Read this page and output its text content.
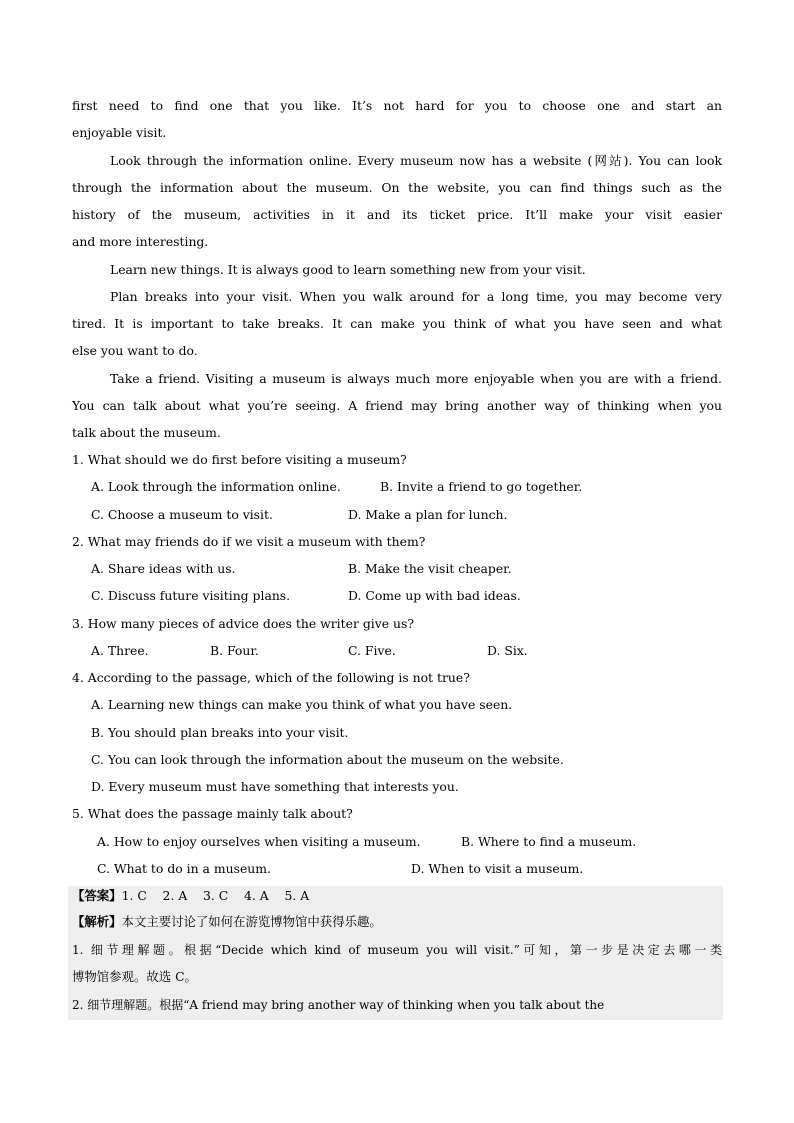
first need to find one that you like. It’s not hard for you to choose one and start an
enjoyable visit.
Look through the information online. Every museum now has a website (网站). You can look
through the information about the museum. On the website, you can find things such as the
history of the museum, activities in it and its ticket price. It’ll make your visit easier
and more interesting.
Learn new things. It is always good to learn something new from your visit.
Plan breaks into your visit. When you walk around for a long time, you may become very
tired. It is important to take breaks. It can make you think of what you have seen and what
else you want to do.
Take a friend. Visiting a museum is always much more enjoyable when you are with a friend.
You can talk about what you’re seeing. A friend may bring another way of thinking when you
talk about the museum.
1. What should we do first before visiting a museum?
A. Look through the information online.	B. Invite a friend to go together.
C. Choose a museum to visit.	D. Make a plan for lunch.
2. What may friends do if we visit a museum with them?
A. Share ideas with us.	B. Make the visit cheaper.
C. Discuss future visiting plans.	D. Come up with bad ideas.
3. How many pieces of advice does the writer give us?
A. Three.	B. Four.	C. Five.	D. Six.
4. According to the passage, which of the following is not true?
A. Learning new things can make you think of what you have seen.
B. You should plan breaks into your visit.
C. You can look through the information about the museum on the website.
D. Every museum must have something that interests you.
5. What does the passage mainly talk about?
A. How to enjoy ourselves when visiting a museum.	B. Where to find a museum.
C. What to do in a museum.	D. When to visit a museum.
【答案】1. C    2. A    3. C    4. A    5. A
【解析】本文主要讨论了如何在游览博物馆中获得乐趣。
1. 细节理解题。根据“Decide which kind of museum you will visit.”可知，第一步是决定去哪一类
博物馆参观。故选 C。
2. 细节理解题。根据“A friend may bring another way of thinking when you talk about the
